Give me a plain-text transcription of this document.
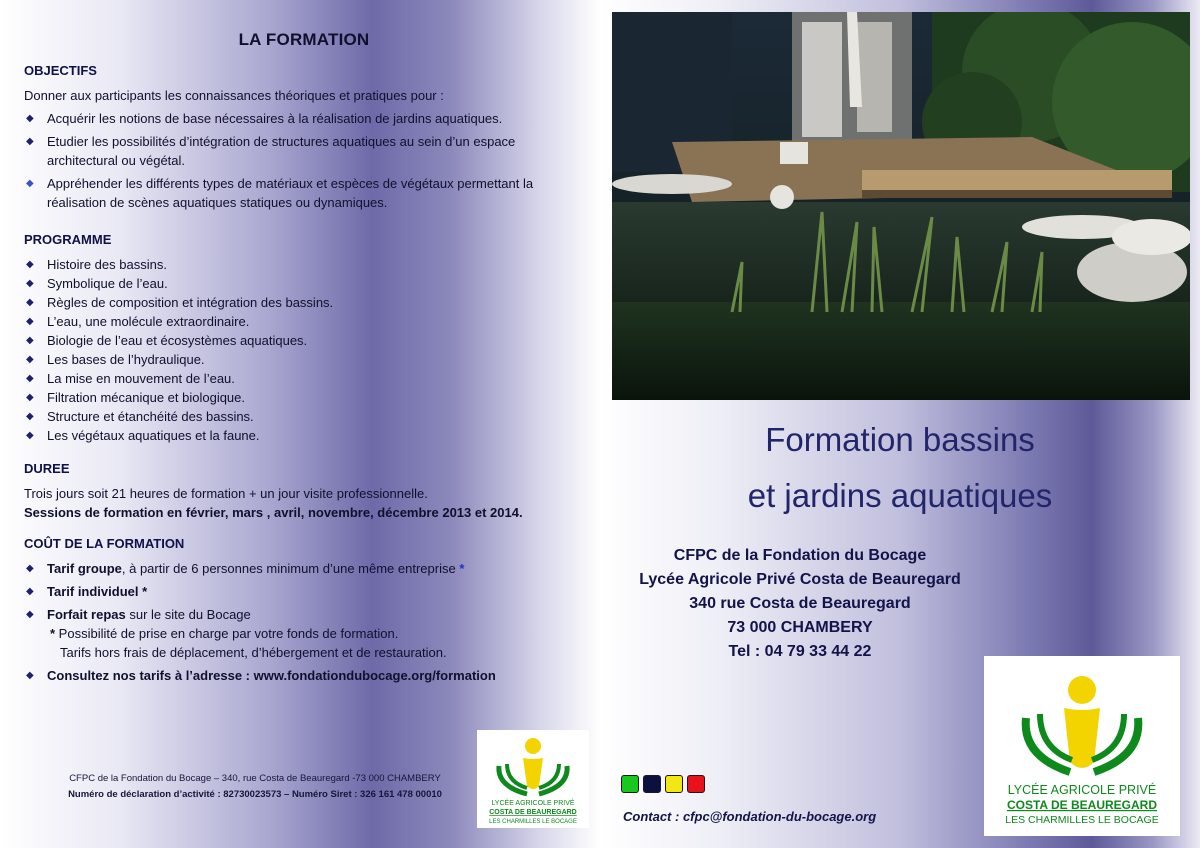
LA FORMATION
OBJECTIFS
Donner aux participants les connaissances théoriques et pratiques pour :
◆ Acquérir les notions de base nécessaires à la réalisation de jardins aquatiques.
◆ Etudier les possibilités d’intégration de structures aquatiques au sein d’un espace architectural ou végétal.
◆ Appréhender les différents types de matériaux et espèces de végétaux permettant la réalisation de scènes aquatiques statiques ou dynamiques.
PROGRAMME
◆ Histoire des bassins.
◆ Symbolique de l’eau.
◆ Règles de composition et intégration des bassins.
◆ L’eau, une molécule extraordinaire.
◆ Biologie de l’eau et écosystèmes aquatiques.
◆ Les bases de l’hydraulique.
◆ La mise en mouvement de l’eau.
◆ Filtration mécanique et biologique.
◆ Structure et étanchéité des bassins.
◆ Les végétaux aquatiques et la faune.
DUREE
Trois jours soit 21 heures de formation + un jour visite professionnelle.
Sessions de formation en février, mars , avril, novembre, décembre 2013 et 2014.
COÛT DE LA FORMATION
◆ Tarif groupe, à partir de 6 personnes minimum d’une même entreprise *
◆ Tarif individuel *
◆ Forfait repas sur le site du Bocage
* Possibilité de prise en charge par votre fonds de formation.
Tarifs hors frais de déplacement, d’hébergement et de restauration.
◆ Consultez nos tarifs à l’adresse : www.fondationdubocage.org/formation
CFPC de la Fondation du Bocage – 340, rue Costa de Beauregard -73 000 CHAMBERY
Numéro de déclaration d’activité : 82730023573 – Numéro Siret : 326 161 478 00010
LYCÉE AGRICOLE PRIVÉ
COSTA DE BEAUREGARD
LES CHARMILLES LE BOCAGE
Formation bassins
et jardins aquatiques
CFPC de la Fondation du Bocage
Lycée Agricole Privé Costa de Beauregard
340 rue Costa de Beauregard
73 000 CHAMBERY
Tel : 04 79 33 44 22
Contact : cfpc@fondation-du-bocage.org
LYCÉE AGRICOLE PRIVÉ
COSTA DE BEAUREGARD
LES CHARMILLES LE BOCAGE
